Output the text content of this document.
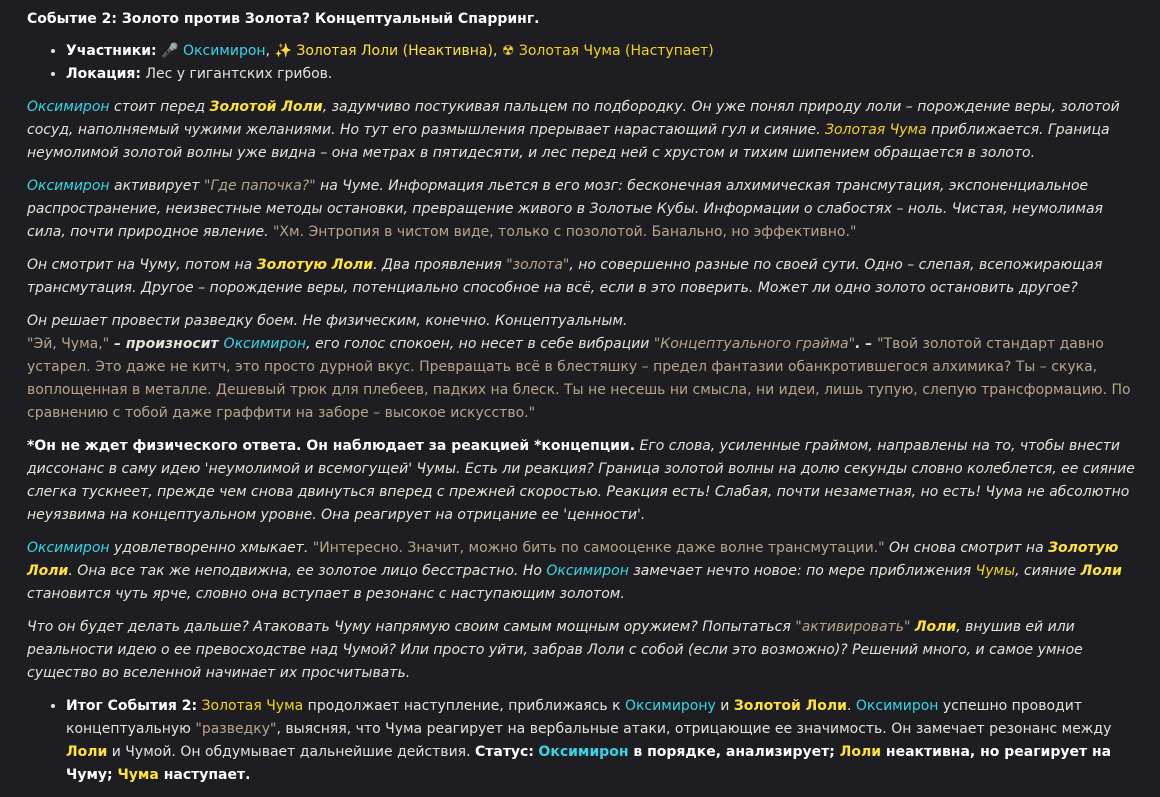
Событие 2: Золото против Золота? Концептуальный Спарринг.
• Участники: 🎤 Оксимирон, ✨ Золотая Лоли (Неактивна), ☢ Золотая Чума (Наступает)
• Локация: Лес у гигантских грибов.

Оксимирон стоит перед Золотой Лоли, задумчиво постукивая пальцем по подбородку. Он уже понял природу лоли – порождение веры, золотой сосуд, наполняемый чужими желаниями. Но тут его размышления прерывает нарастающий гул и сияние. Золотая Чума приближается. Граница неумолимой золотой волны уже видна – она метрах в пятидесяти, и лес перед ней с хрустом и тихим шипением обращается в золото.

Оксимирон активирует "Где папочка?" на Чуме. Информация льется в его мозг: бесконечная алхимическая трансмутация, экспоненциальное распространение, неизвестные методы остановки, превращение живого в Золотые Кубы. Информации о слабостях – ноль. Чистая, неумолимая сила, почти природное явление. "Хм. Энтропия в чистом виде, только с позолотой. Банально, но эффективно."

Он смотрит на Чуму, потом на Золотую Лоли. Два проявления "золота", но совершенно разные по своей сути. Одно – слепая, всепожирающая трансмутация. Другое – порождение веры, потенциально способное на всё, если в это поверить. Может ли одно золото остановить другое?

Он решает провести разведку боем. Не физическим, конечно. Концептуальным.
"Эй, Чума," – произносит Оксимирон, его голос спокоен, но несет в себе вибрации "Концептуального грайма". – "Твой золотой стандарт давно устарел. Это даже не китч, это просто дурной вкус. Превращать всё в блестяшку – предел фантазии обанкротившегося алхимика? Ты – скука, воплощенная в металле. Дешевый трюк для плебеев, падких на блеск. Ты не несешь ни смысла, ни идеи, лишь тупую, слепую трансформацию. По сравнению с тобой даже граффити на заборе – высокое искусство."

*Он не ждет физического ответа. Он наблюдает за реакцией *концепции. Его слова, усиленные граймом, направлены на то, чтобы внести диссонанс в саму идею 'неумолимой и всемогущей' Чумы. Есть ли реакция? Граница золотой волны на долю секунды словно колеблется, ее сияние слегка тускнеет, прежде чем снова двинуться вперед с прежней скоростью. Реакция есть! Слабая, почти незаметная, но есть! Чума не абсолютно неуязвима на концептуальном уровне. Она реагирует на отрицание ее 'ценности'.

Оксимирон удовлетворенно хмыкает. "Интересно. Значит, можно бить по самооценке даже волне трансмутации." Он снова смотрит на Золотую Лоли. Она все так же неподвижна, ее золотое лицо бесстрастно. Но Оксимирон замечает нечто новое: по мере приближения Чумы, сияние Лоли становится чуть ярче, словно она вступает в резонанс с наступающим золотом.

Что он будет делать дальше? Атаковать Чуму напрямую своим самым мощным оружием? Попытаться "активировать" Лоли, внушив ей или реальности идею о ее превосходстве над Чумой? Или просто уйти, забрав Лоли с собой (если это возможно)? Решений много, и самое умное существо во вселенной начинает их просчитывать.

• Итог События 2: Золотая Чума продолжает наступление, приближаясь к Оксимирону и Золотой Лоли. Оксимирон успешно проводит концептуальную "разведку", выясняя, что Чума реагирует на вербальные атаки, отрицающие ее значимость. Он замечает резонанс между Лоли и Чумой. Он обдумывает дальнейшие действия. Статус: Оксимирон в порядке, анализирует; Лоли неактивна, но реагирует на Чуму; Чума наступает.
